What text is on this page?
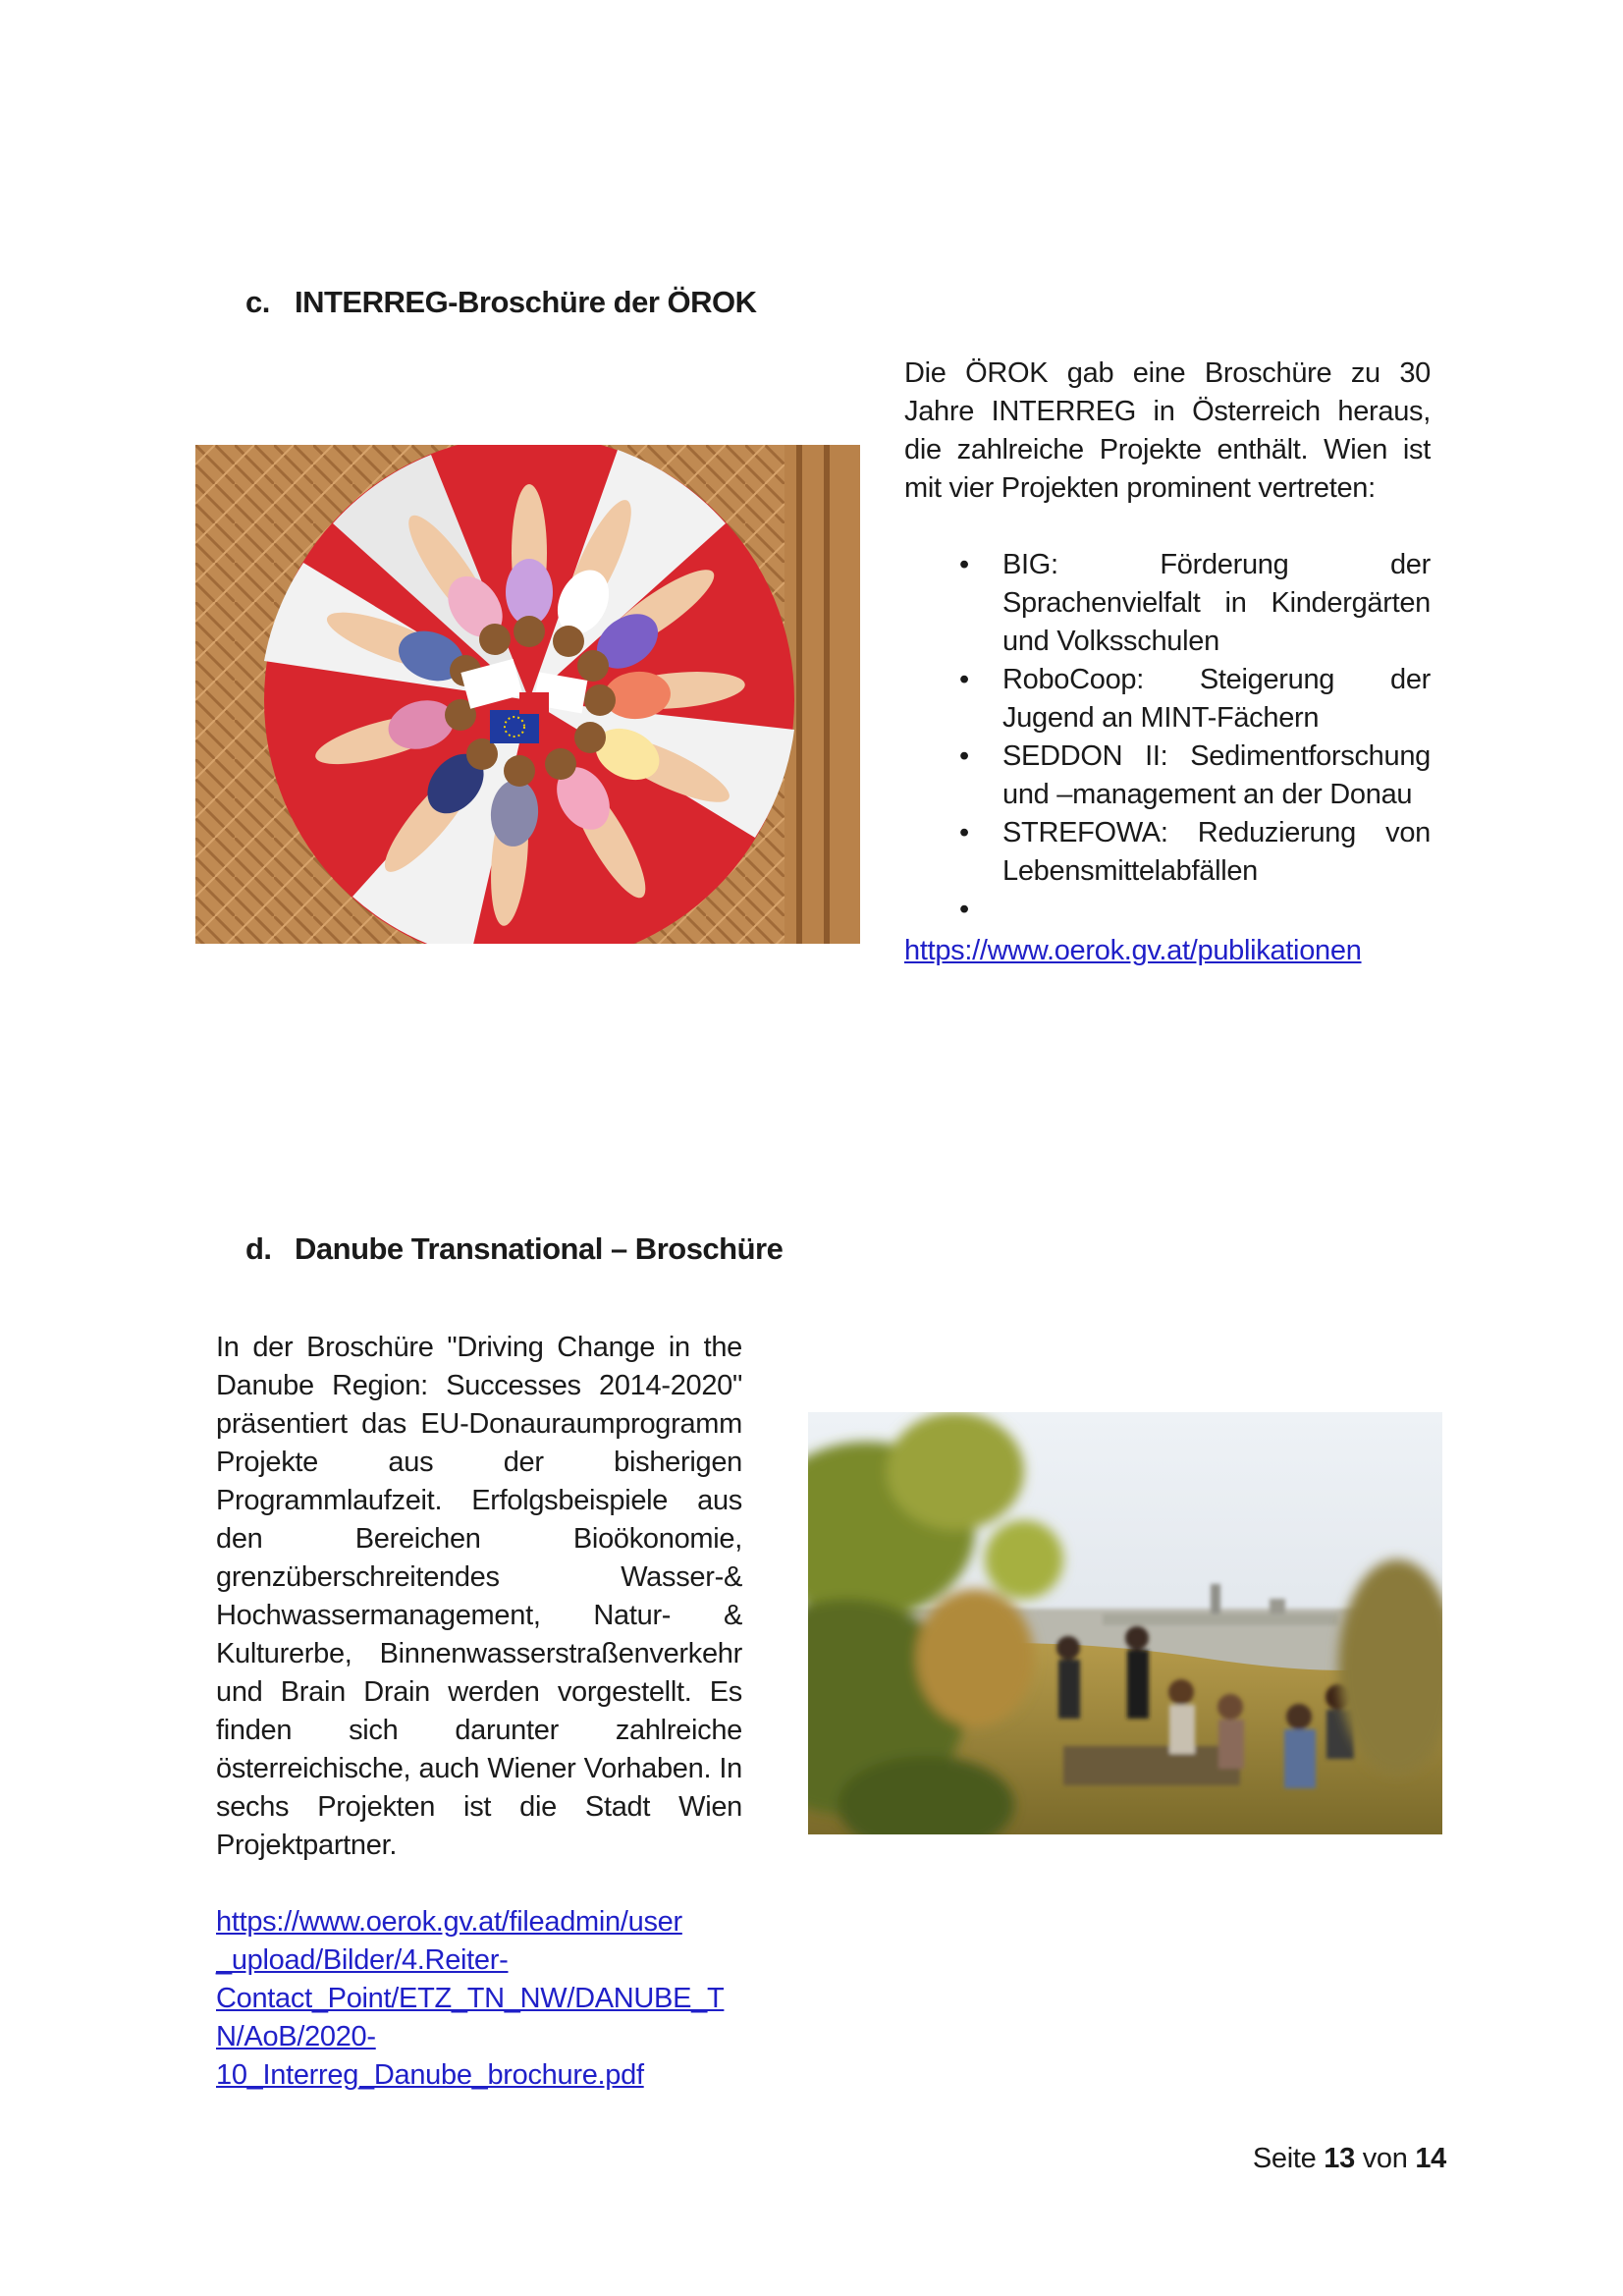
c. INTERREG-Broschüre der ÖROK

Die ÖROK gab eine Broschüre zu 30 Jahre INTERREG in Österreich heraus, die zahlreiche Projekte enthält. Wien ist mit vier Projekten prominent vertreten:

• BIG: Förderung der Sprachenvielfalt in Kindergärten und Volksschulen
• RoboCoop: Steigerung der Jugend an MINT-Fächern
• SEDDON II: Sedimentforschung und –management an der Donau
• STREFOWA: Reduzierung von Lebensmittelabfällen
•
https://www.oerok.gv.at/publikationen
d. Danube Transnational – Broschüre

In der Broschüre "Driving Change in the Danube Region: Successes 2014-2020" präsentiert das EU-Donauraumprogramm Projekte aus der bisherigen Programmlaufzeit. Erfolgsbeispiele aus den Bereichen Bioökonomie, grenzüberschreitendes Wasser-& Hochwassermanagement, Natur- & Kulturerbe, Binnenwasserstraßenverkehr und Brain Drain werden vorgestellt. Es finden sich darunter zahlreiche österreichische, auch Wiener Vorhaben. In sechs Projekten ist die Stadt Wien Projektpartner.

https://www.oerok.gv.at/fileadmin/user
_upload/Bilder/4.Reiter-
Contact_Point/ETZ_TN_NW/DANUBE_T
N/AoB/2020-
10_Interreg_Danube_brochure.pdf
Seite 13 von 14
